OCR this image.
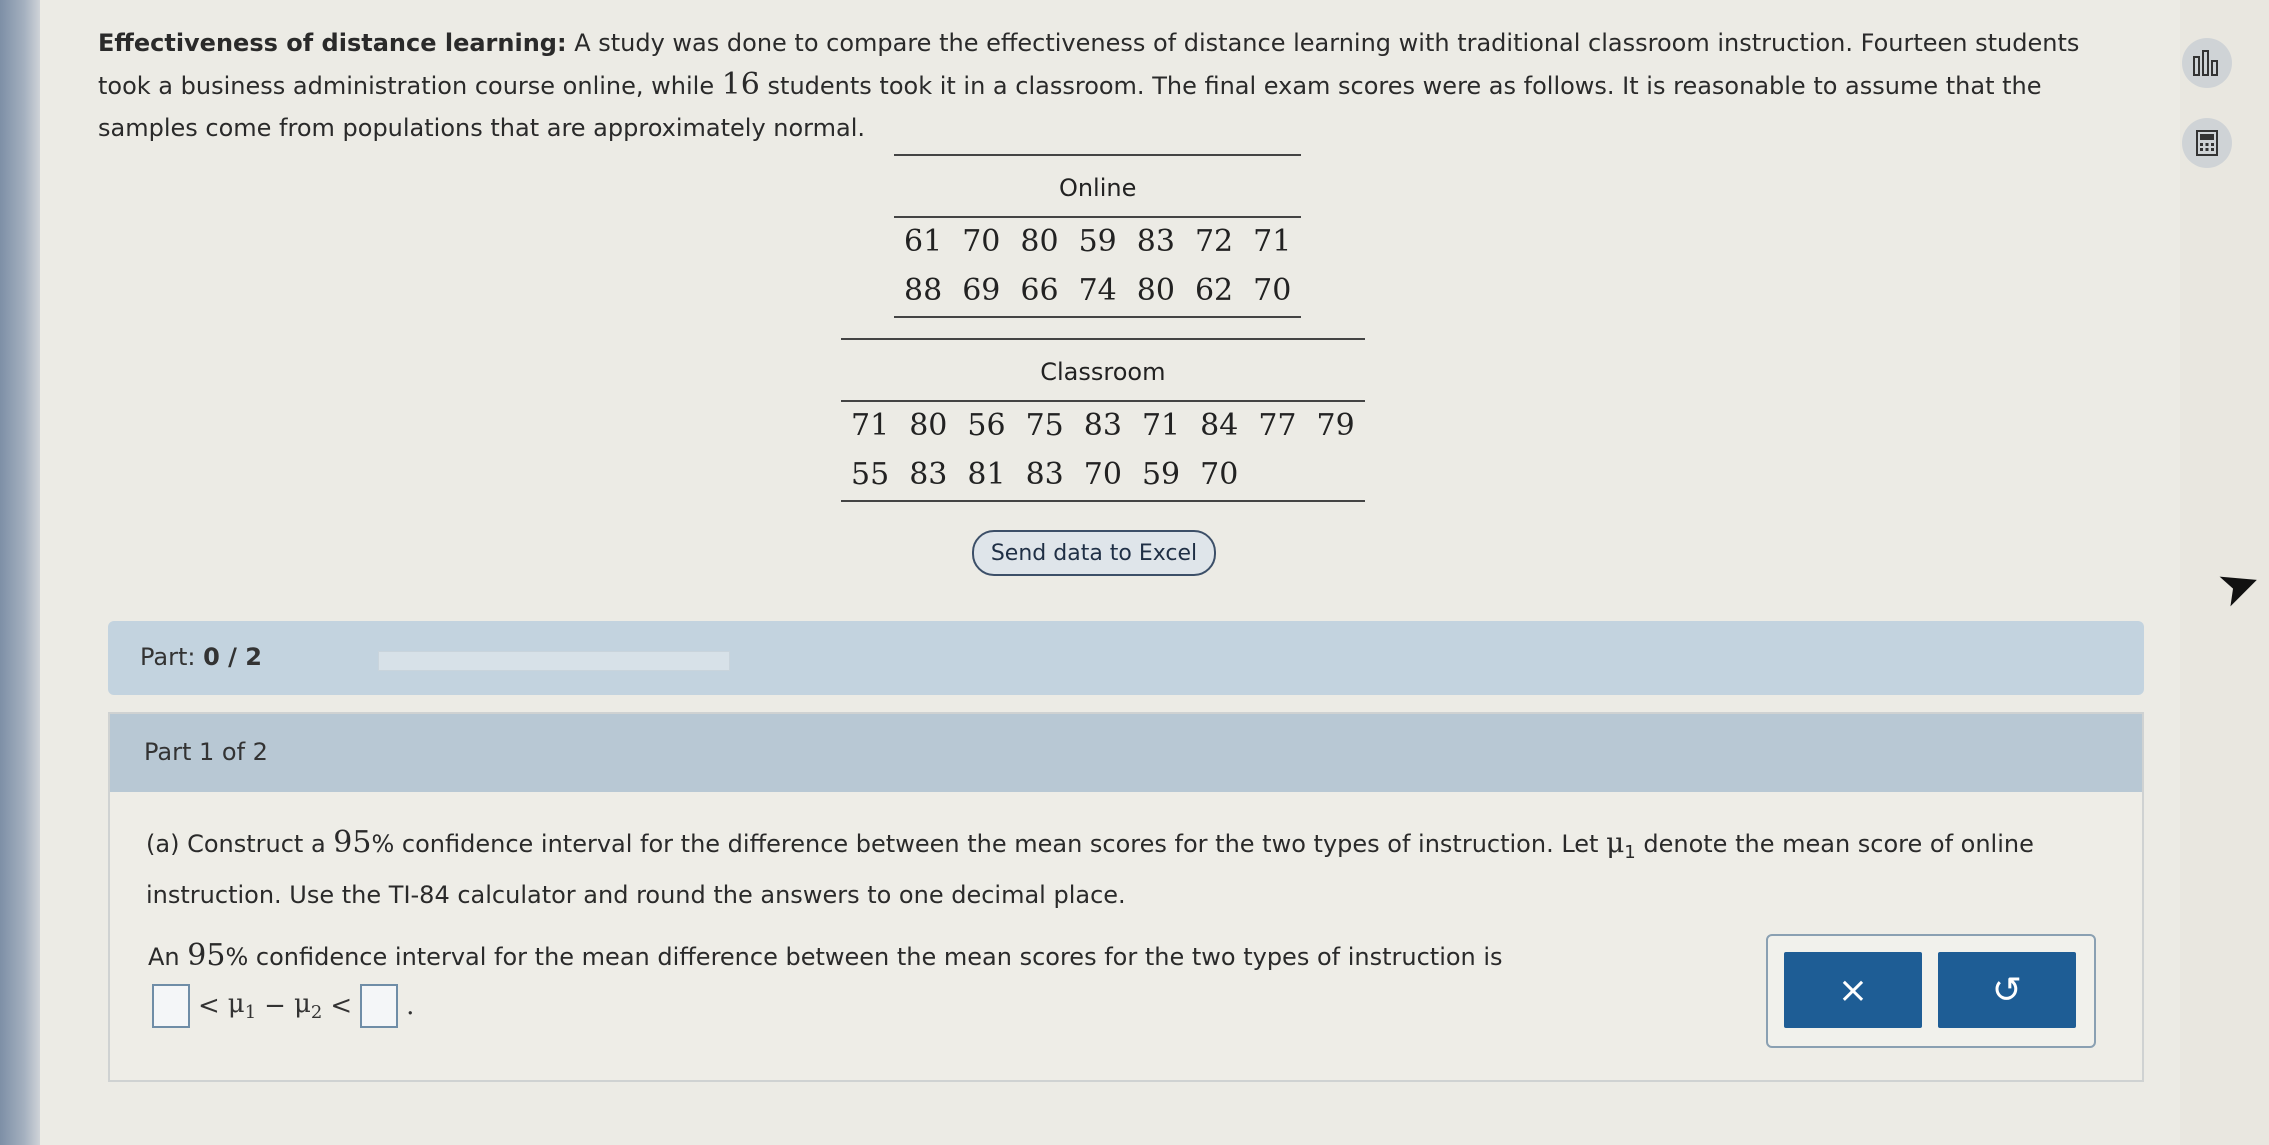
Effectiveness of distance learning: A study was done to compare the effectiveness of distance learning with traditional classroom instruction. Fourteen students took a business administration course online, while 16 students took it in a classroom. The final exam scores were as follows. It is reasonable to assume that the samples come from populations that are approximately normal.
Online
61	70	80	59	83	72	71
88	69	66	74	80	62	70
Classroom
71	80	56	75	83	71	84	77	79
55	83	81	83	70	59	70		
Send data to Excel
Part: 0 / 2
Part 1 of 2
(a) Construct a 95% confidence interval for the difference between the mean scores for the two types of instruction. Let $\mu_1$ denote the mean score of online instruction. Use the TI-84 calculator and round the answers to one decimal place.
An 95% confidence interval for the mean difference between the mean scores for the two types of instruction is
< $\mu_1 - \mu_2$ < .	×	↺
➤
